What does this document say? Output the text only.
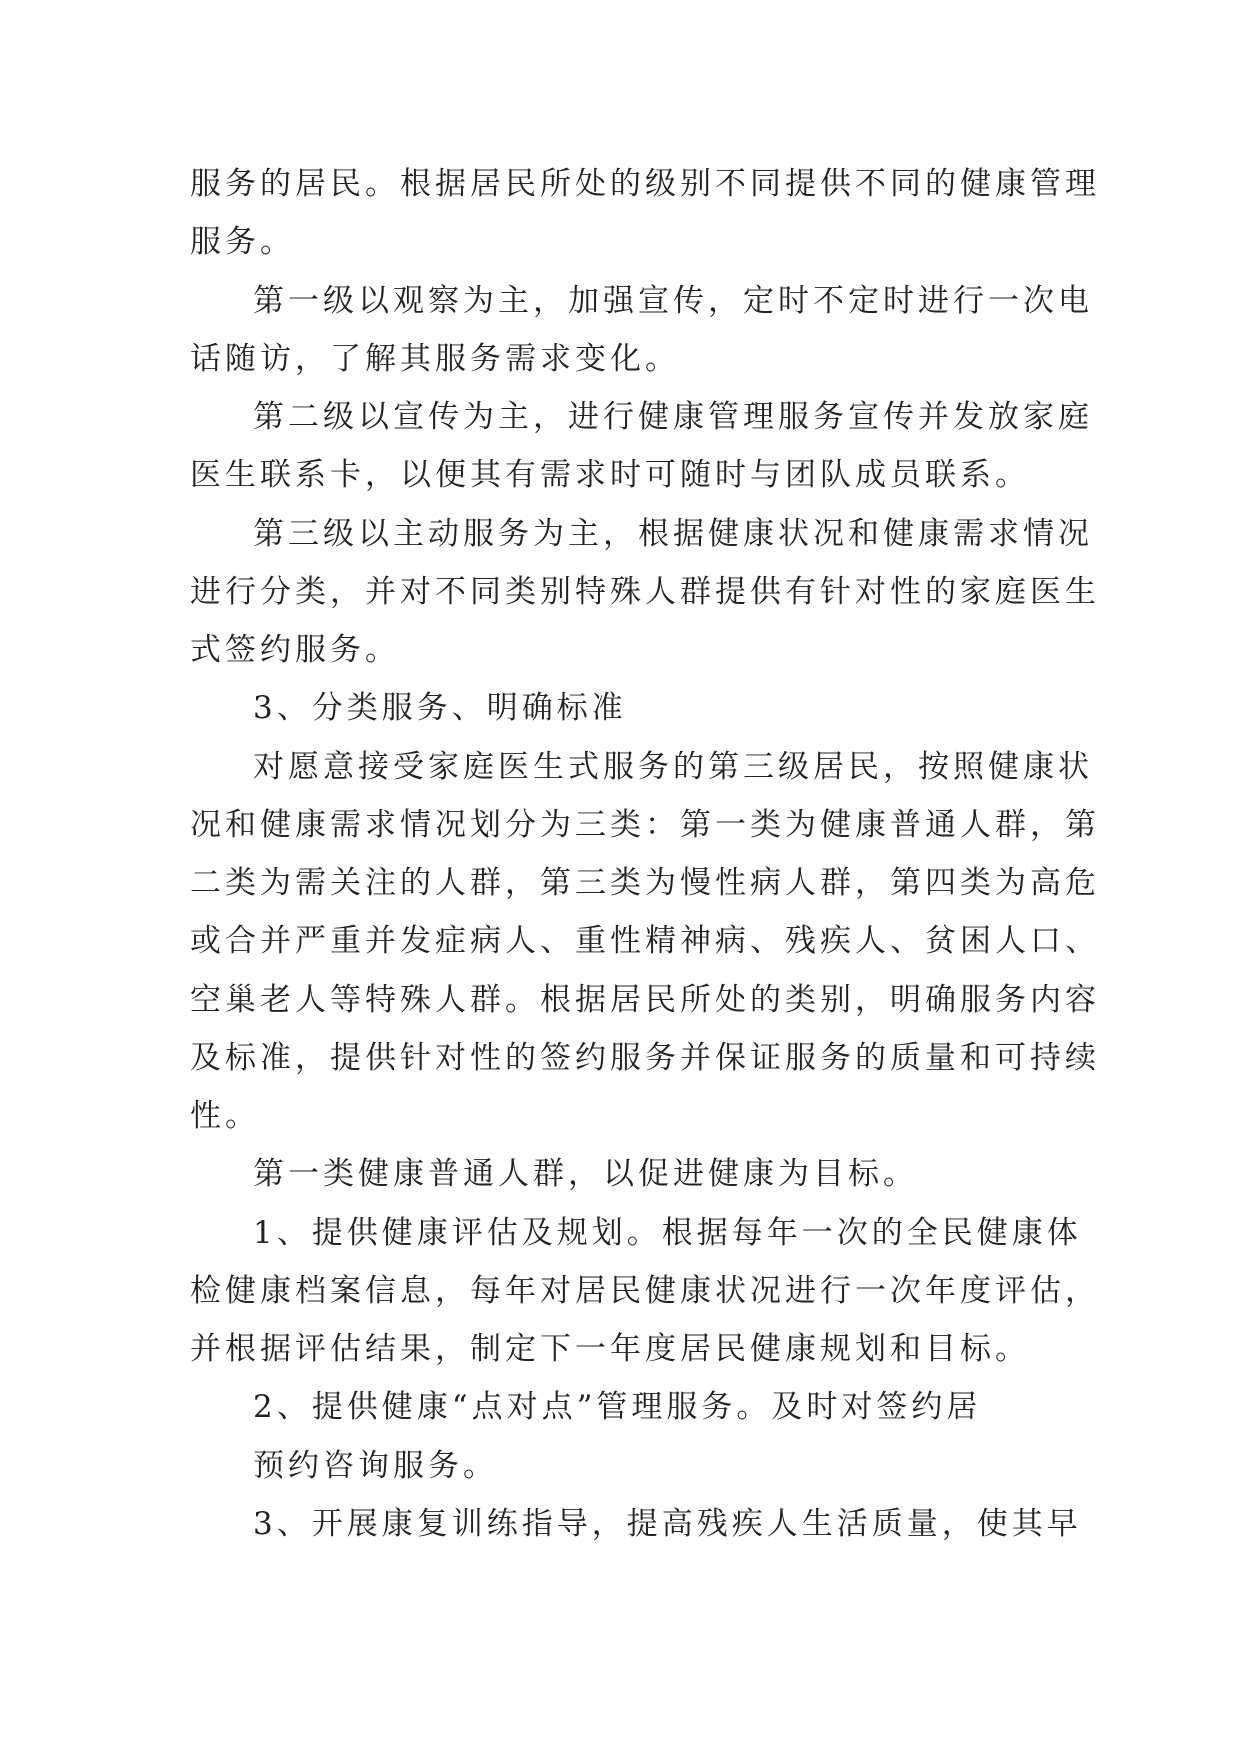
服务的居民。根据居民所处的级别不同提供不同的健康管理

服务。

第一级以观察为主，加强宣传，定时不定时进行一次电

话随访，了解其服务需求变化。

第二级以宣传为主，进行健康管理服务宣传并发放家庭

医生联系卡，以便其有需求时可随时与团队成员联系。

第三级以主动服务为主，根据健康状况和健康需求情况

进行分类，并对不同类别特殊人群提供有针对性的家庭医生

式签约服务。

3、分类服务、明确标准

对愿意接受家庭医生式服务的第三级居民，按照健康状

况和健康需求情况划分为三类：第一类为健康普通人群，第

二类为需关注的人群，第三类为慢性病人群，第四类为高危

或合并严重并发症病人、重性精神病、残疾人、贫困人口、

空巢老人等特殊人群。根据居民所处的类别，明确服务内容

及标准，提供针对性的签约服务并保证服务的质量和可持续

性。

第一类健康普通人群，以促进健康为目标。

1、提供健康评估及规划。根据每年一次的全民健康体

检健康档案信息，每年对居民健康状况进行一次年度评估，

并根据评估结果，制定下一年度居民健康规划和目标。

2、提供健康“点对点”管理服务。及时对签约居

预约咨询服务。

3、开展康复训练指导，提高残疾人生活质量，使其早
